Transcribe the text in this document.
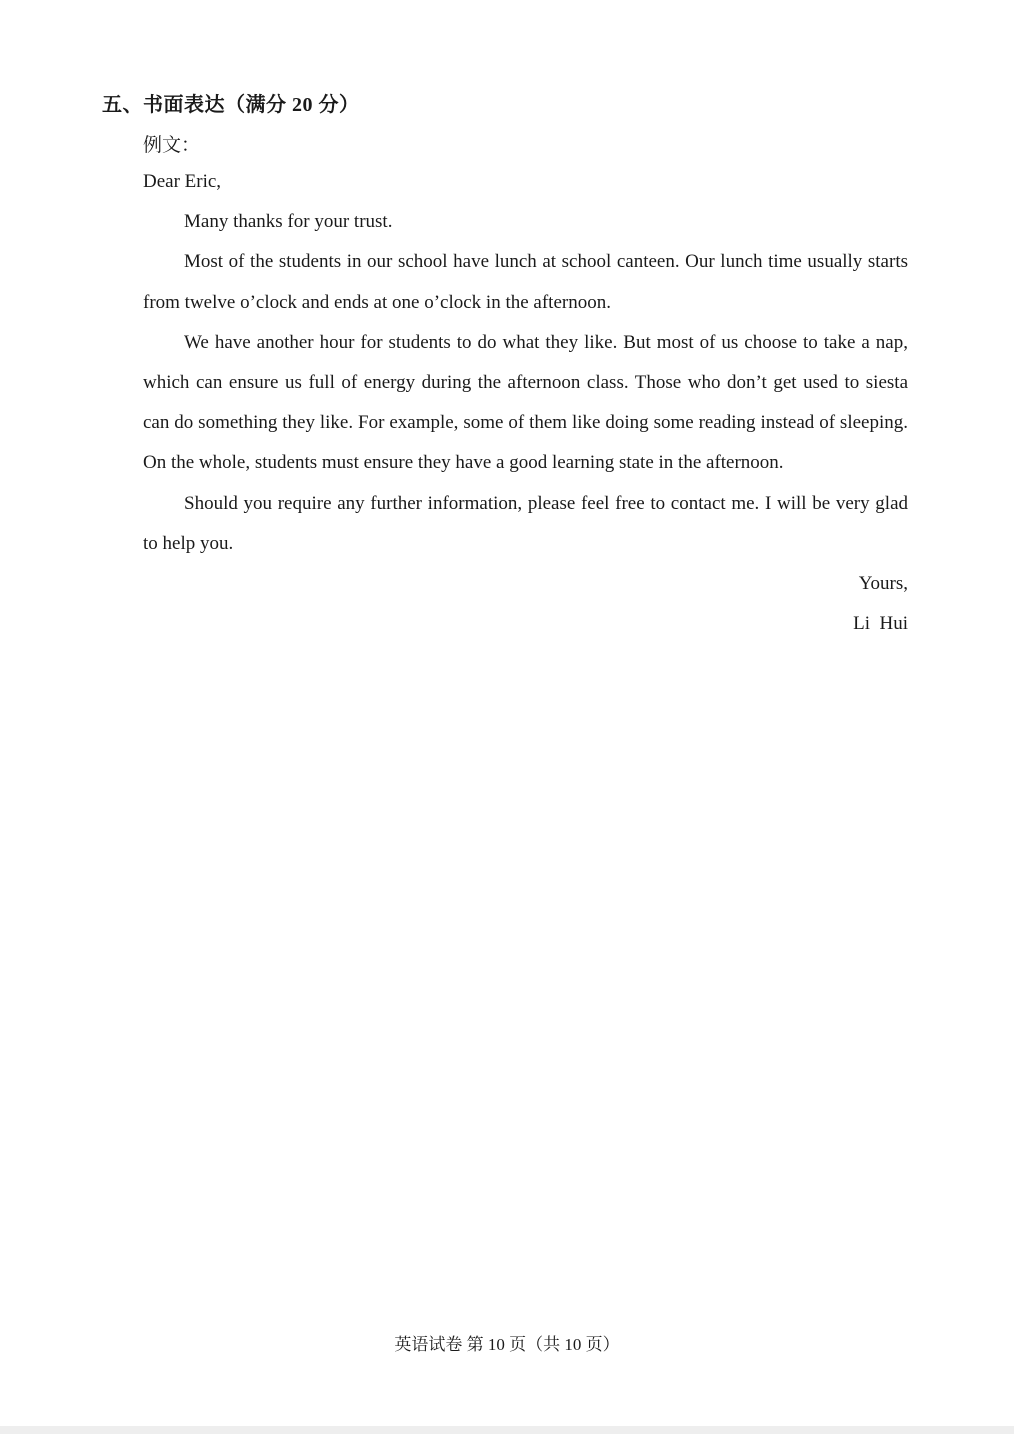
五、书面表达（满分 20 分）
例文：

Dear Eric,

Many thanks for your trust.

Most of the students in our school have lunch at school canteen. Our lunch time usually starts from twelve o’clock and ends at one o’clock in the afternoon.

We have another hour for students to do what they like. But most of us choose to take a nap, which can ensure us full of energy during the afternoon class. Those who don’t get used to siesta can do something they like. For example, some of them like doing some reading instead of sleeping. On the whole, students must ensure they have a good learning state in the afternoon.

Should you require any further information, please feel free to contact me. I will be very glad to help you.

Yours,

Li  Hui

英语试卷 第 10 页（共 10 页）
